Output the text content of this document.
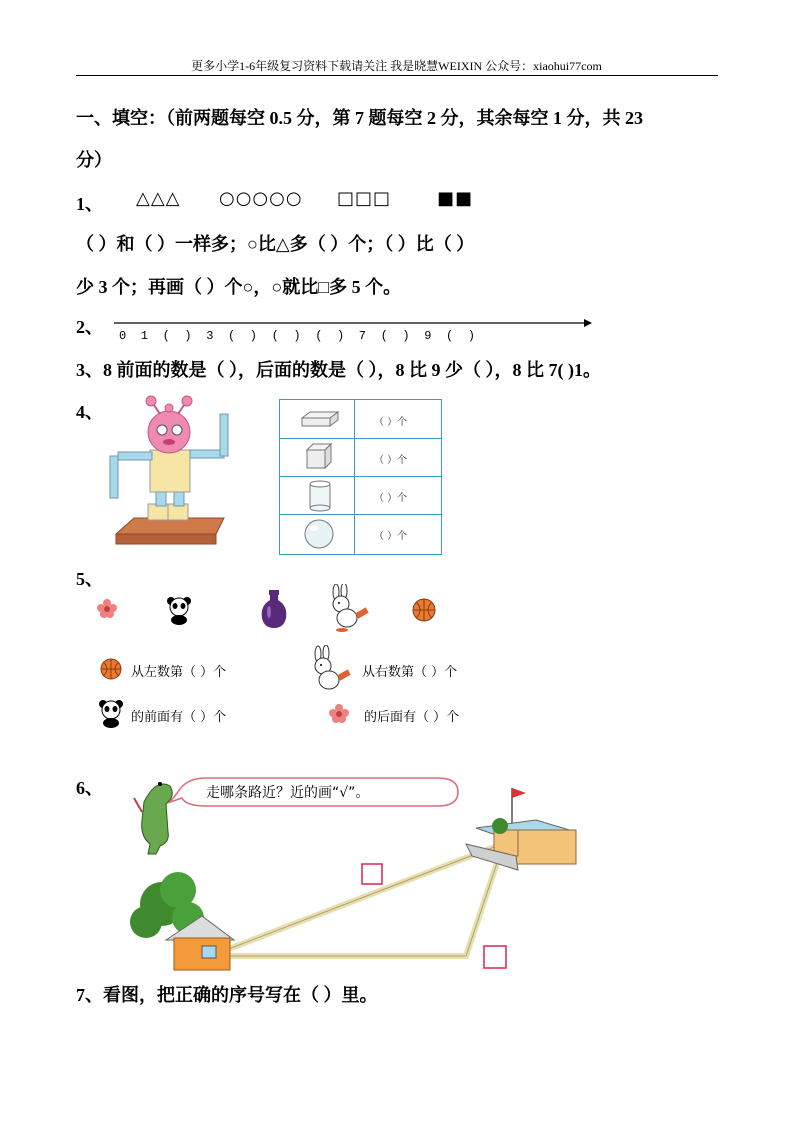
更多小学1-6年级复习资料下载请关注 我是晓慧WEIXIN 公众号：xiaohui77com
一、填空：（前两题每空 0.5 分，第 7 题每空 2 分，其余每空 1 分，共 23
分）
1、 △△△ ○○○○○ □□□	■■
（ ）和（ ）一样多；○比△多（ ）个；（ ）比（ ）
少 3 个；再画（ ）个○，○就比□多 5 个。
2、 0 1 ( ) 3 ( ) ( ) ( ) 7 ( ) 9 ( )
3、8 前面的数是（ ），后面的数是（ ），8 比 9 少（ ），8 比 7( )1。
4、
（ ）个
（ ）个
（ ）个
（ ）个
5、
从左数第（ ）个	从右数第（ ）个
的前面有（ ）个	的后面有（ ）个
6、	走哪条路近？近的画“√”。
7、看图，把正确的序号写在（ ）里。
